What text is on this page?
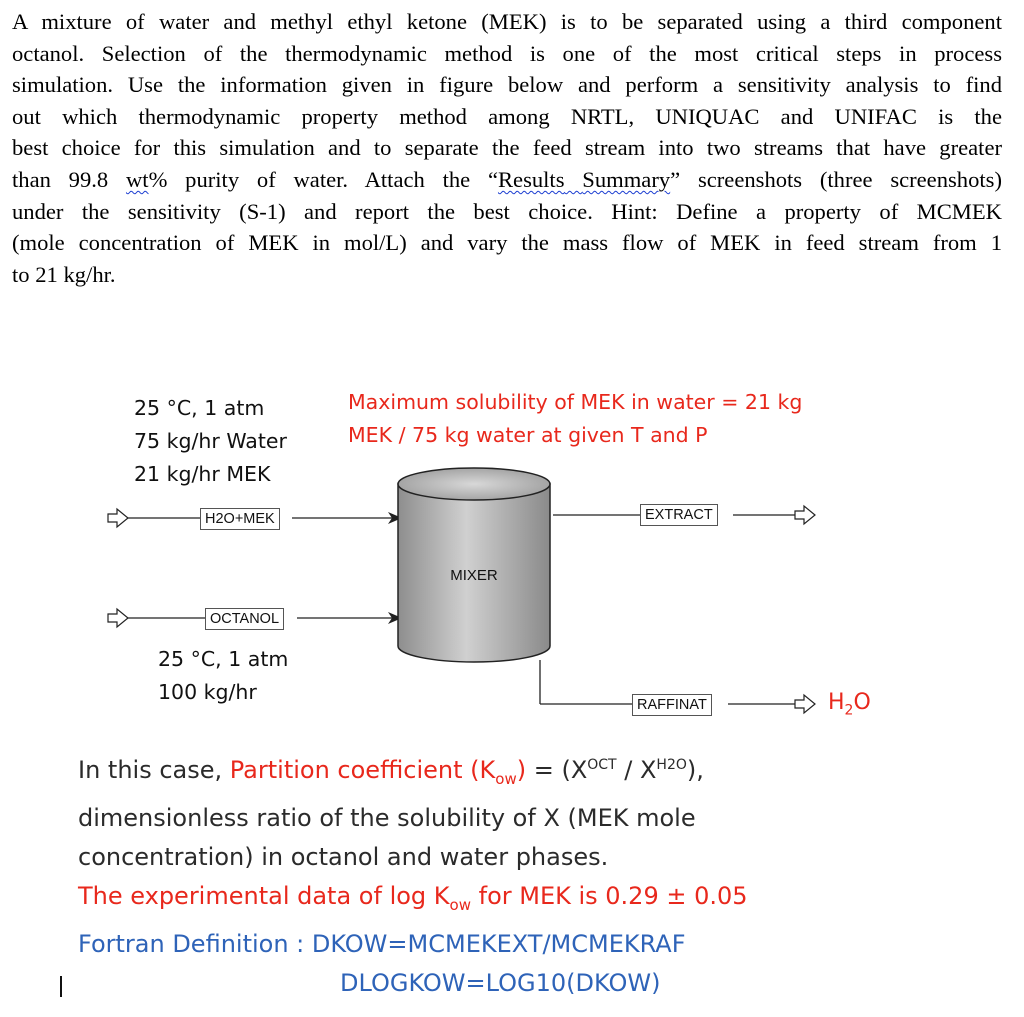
A mixture of water and methyl ethyl ketone (MEK) is to be separated using a third component
octanol. Selection of the thermodynamic method is one of the most critical steps in process
simulation. Use the information given in figure below and perform a sensitivity analysis to find
out which thermodynamic property method among NRTL, UNIQUAC and UNIFAC is the
best choice for this simulation and to separate the feed stream into two streams that have greater
than 99.8 wt% purity of water. Attach the “Results Summary” screenshots (three screenshots)
under the sensitivity (S-1) and report the best choice. Hint: Define a property of MCMEK
(mole concentration of MEK in mol/L) and vary the mass flow of MEK in feed stream from 1
to 21 kg/hr.
MIXER
H2O+MEK
OCTANOL
EXTRACT
RAFFINAT
25 °C, 1 atm
75 kg/hr Water
21 kg/hr MEK
Maximum solubility of MEK in water = 21 kg
MEK / 75 kg water at given T and P
25 °C, 1 atm
100 kg/hr	$H_2O$
In this case, Partition coefficient $(K_{ow}) = (X^{OCT} / X^{H2O})$,
dimensionless ratio of the solubility of X (MEK mole
concentration) in octanol and water phases.
The experimental data of $\log K_{ow}$ for MEK is 0.29 ± 0.05
Fortran Definition : DKOW=MCMEKEXT/MCMEKRAF
DLOGKOW=LOG10(DKOW)
